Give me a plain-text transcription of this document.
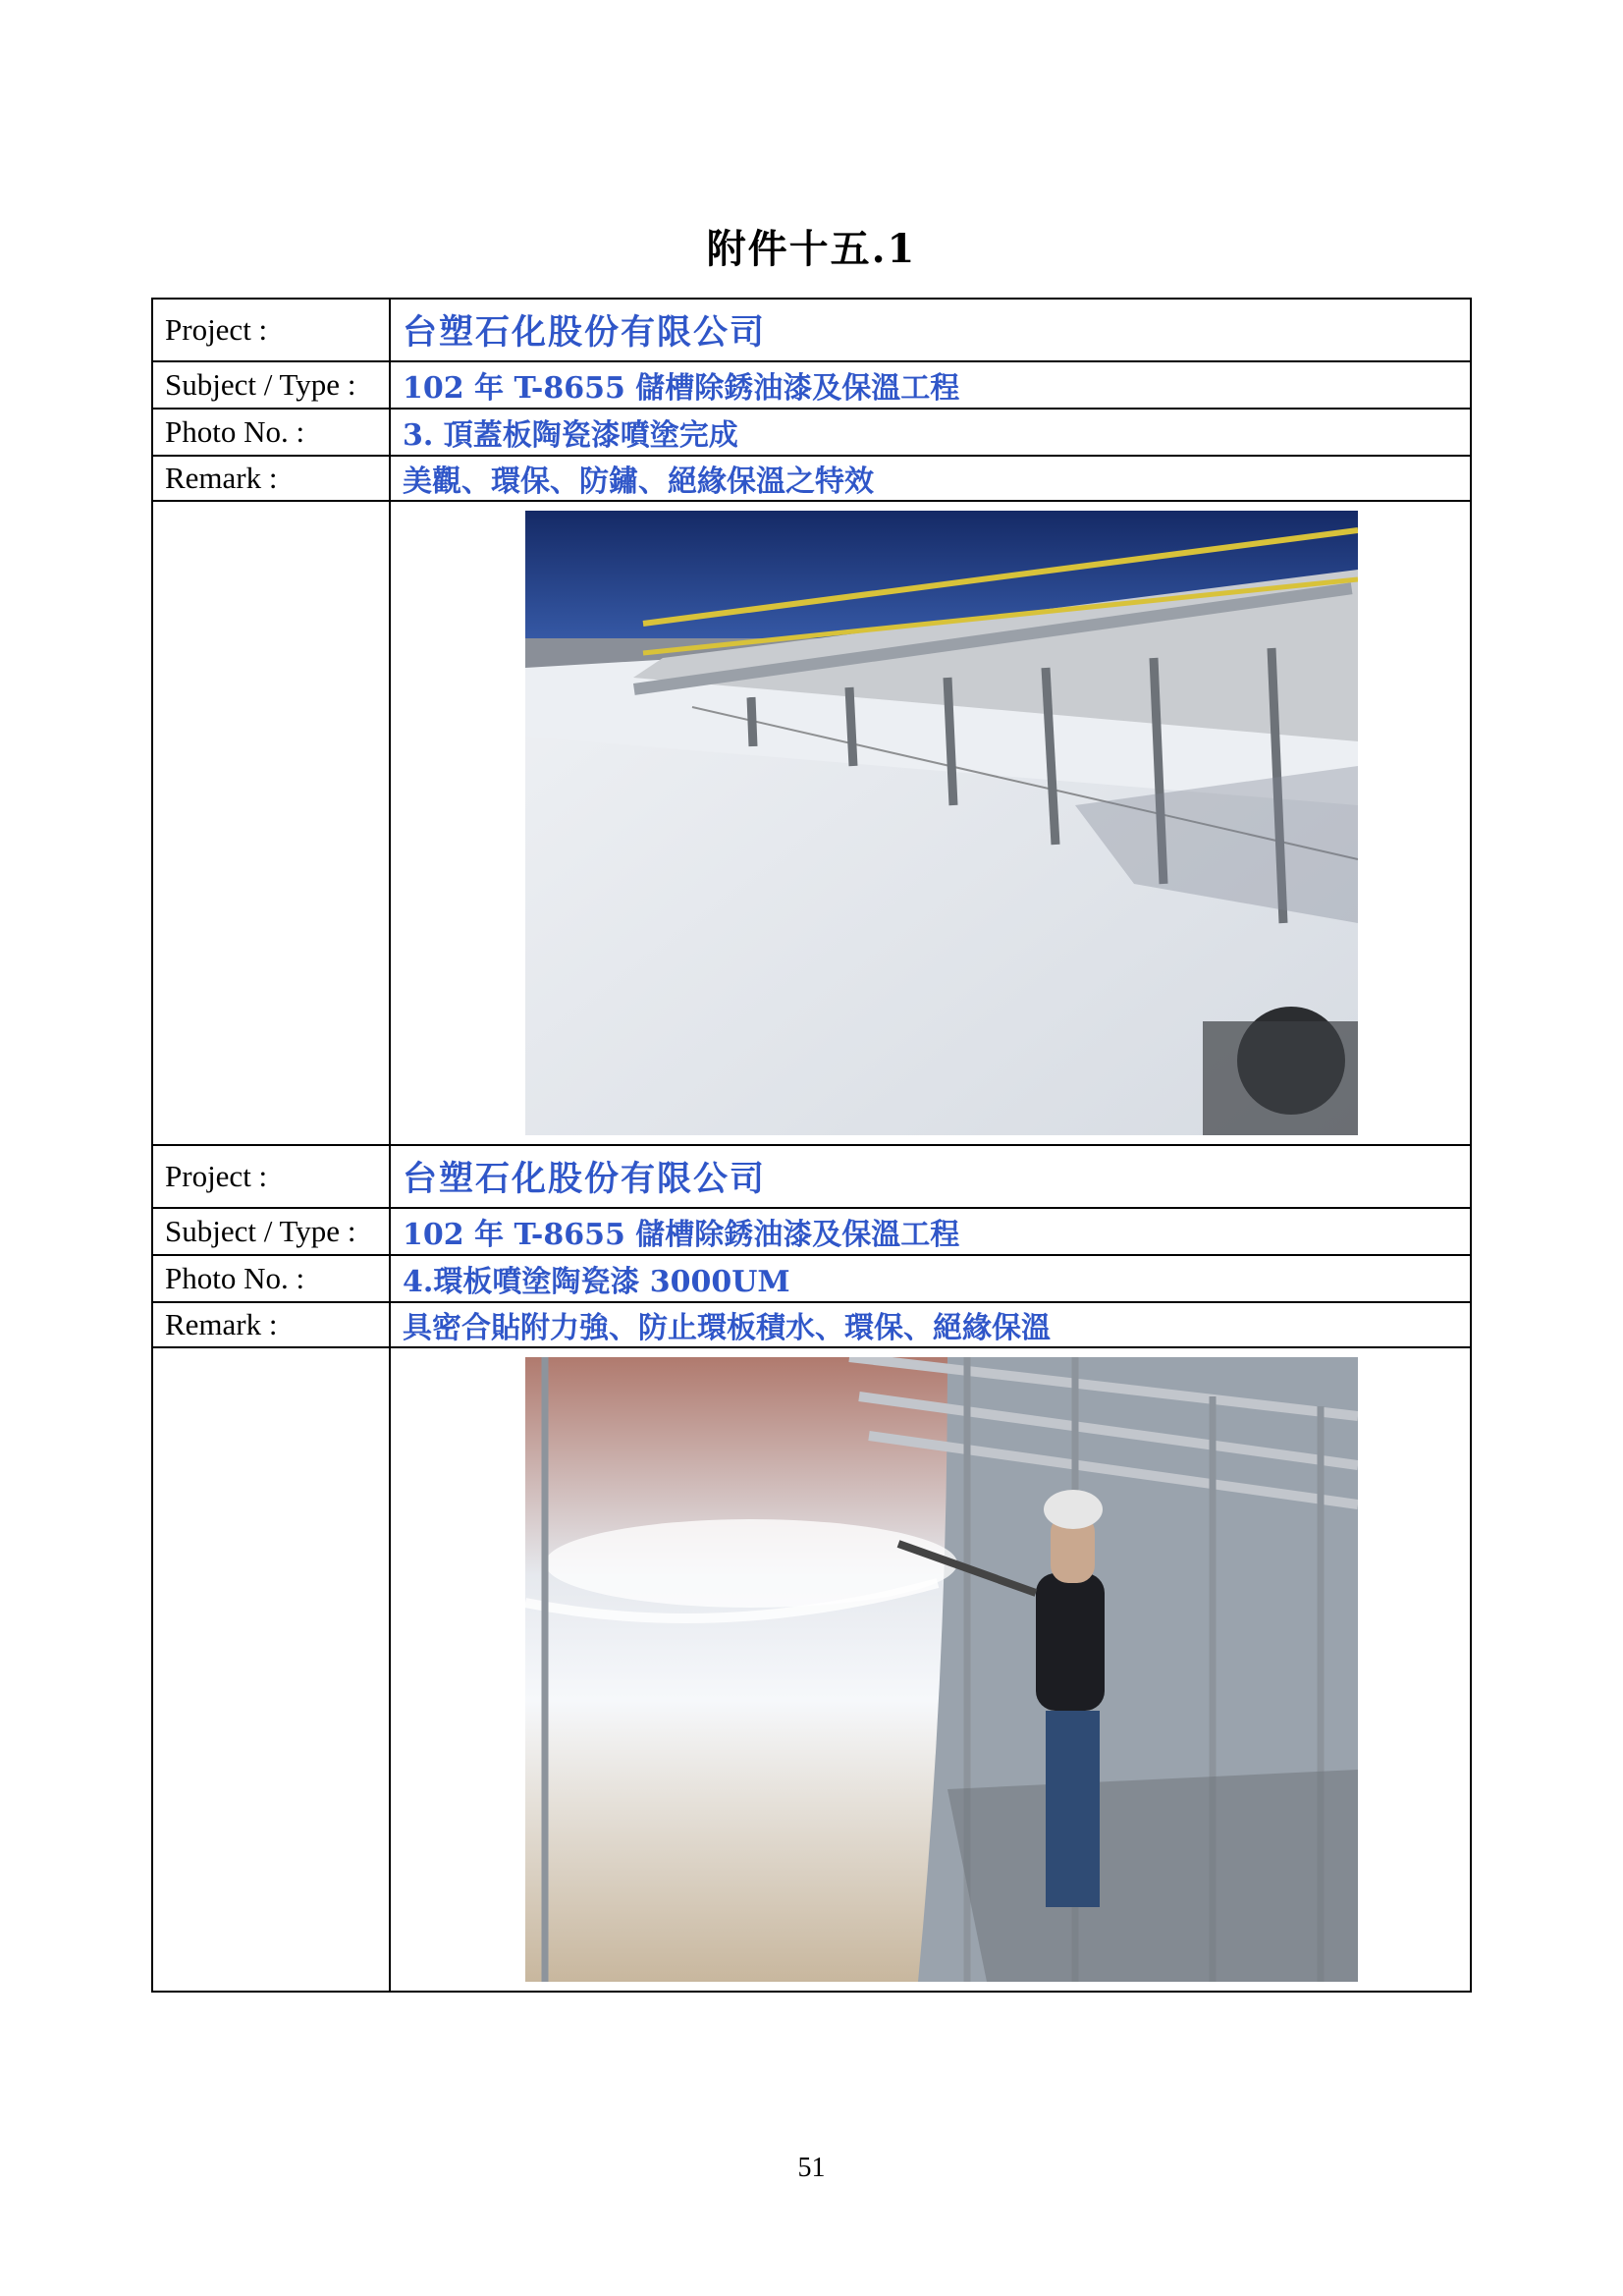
附件十五.1
Project :	台塑石化股份有限公司
Subject / Type :	102 年 T-8655 儲槽除銹油漆及保溫工程
Photo No. :	3. 頂蓋板陶瓷漆噴塗完成
Remark :	美觀、環保、防鏽、絕緣保溫之特效

Project :	台塑石化股份有限公司
Subject / Type :	102 年 T-8655 儲槽除銹油漆及保溫工程
Photo No. :	4.環板噴塗陶瓷漆 3000UM
Remark :	具密合貼附力強、防止環板積水、環保、絕緣保溫

51
